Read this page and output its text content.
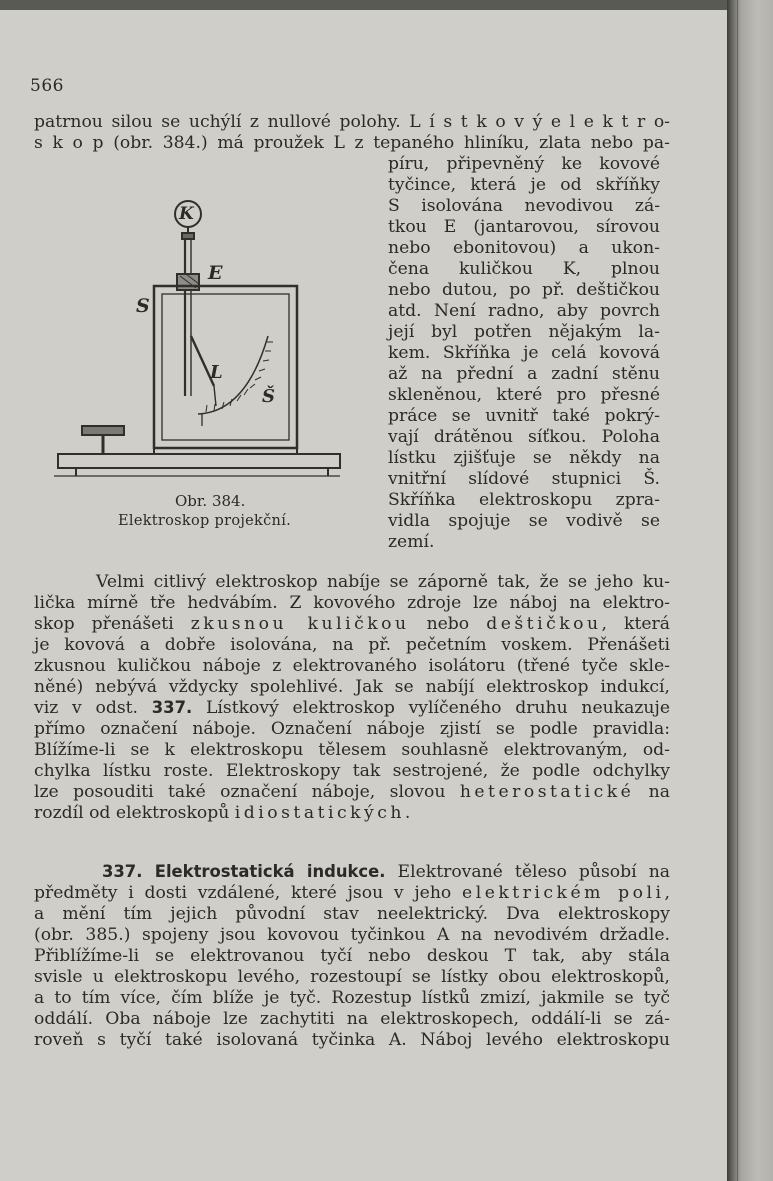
566
patrnou silou se uchýlí z nullové polohy. L í s t k o v ý e l e k t r o-
s k o p (obr. 384.) má proužek L z tepaného hliníku, zlata nebo pa-
píru, připevněný ke kovové
tyčince, která je od skříňky
S isolována nevodivou zá-
tkou E (jantarovou, sírovou
nebo ebonitovou) a ukon-
čena kuličkou K, plnou
nebo dutou, po př. deštičkou
atd. Není radno, aby povrch
její byl potřen nějakým la-
kem. Skříňka je celá kovová
až na přední a zadní stěnu
skleněnou, které pro přesné
práce se uvnitř také pokrý-
vají drátěnou síťkou. Poloha
lístku zjišťuje se někdy na
vnitřní slídové stupnici Š.
Skříňka elektroskopu zpra-
vidla spojuje se vodivě se
zemí.
K
E
S
L
Š
Obr. 384.
Elektroskop projekční.
Velmi citlivý elektroskop nabíje se záporně tak, že se jeho ku-
lička mírně tře hedvábím. Z kovového zdroje lze náboj na elektro-
skop přenášeti zkusnou kuličkou nebo deštičkou, která
je kovová a dobře isolována, na př. pečetním voskem. Přenášeti
zkusnou kuličkou náboje z elektrovaného isolátoru (třené tyče skle-
něné) nebývá vždycky spolehlivé. Jak se nabíjí elektroskop indukcí,
viz v odst. 337. Lístkový elektroskop vylíčeného druhu neukazuje
přímo označení náboje. Označení náboje zjistí se podle pravidla:
Blížíme-li se k elektroskopu tělesem souhlasně elektrovaným, od-
chylka lístku roste. Elektroskopy tak sestrojené, že podle odchylky
lze posouditi také označení náboje, slovou heterostatické na
rozdíl od elektroskopů idiostatických.
337. Elektrostatická indukce. Elektrované těleso působí na
předměty i dosti vzdálené, které jsou v jeho elektrickém poli,
a mění tím jejich původní stav neelektrický. Dva elektroskopy
(obr. 385.) spojeny jsou kovovou tyčinkou A na nevodivém držadle.
Přiblížíme-li se elektrovanou tyčí nebo deskou T tak, aby stála
svisle u elektroskopu levého, rozestoupí se lístky obou elektroskopů,
a to tím více, čím blíže je tyč. Rozestup lístků zmizí, jakmile se tyč
oddálí. Oba náboje lze zachytiti na elektroskopech, oddálí-li se zá-
roveň s tyčí také isolovaná tyčinka A. Náboj levého elektroskopu
